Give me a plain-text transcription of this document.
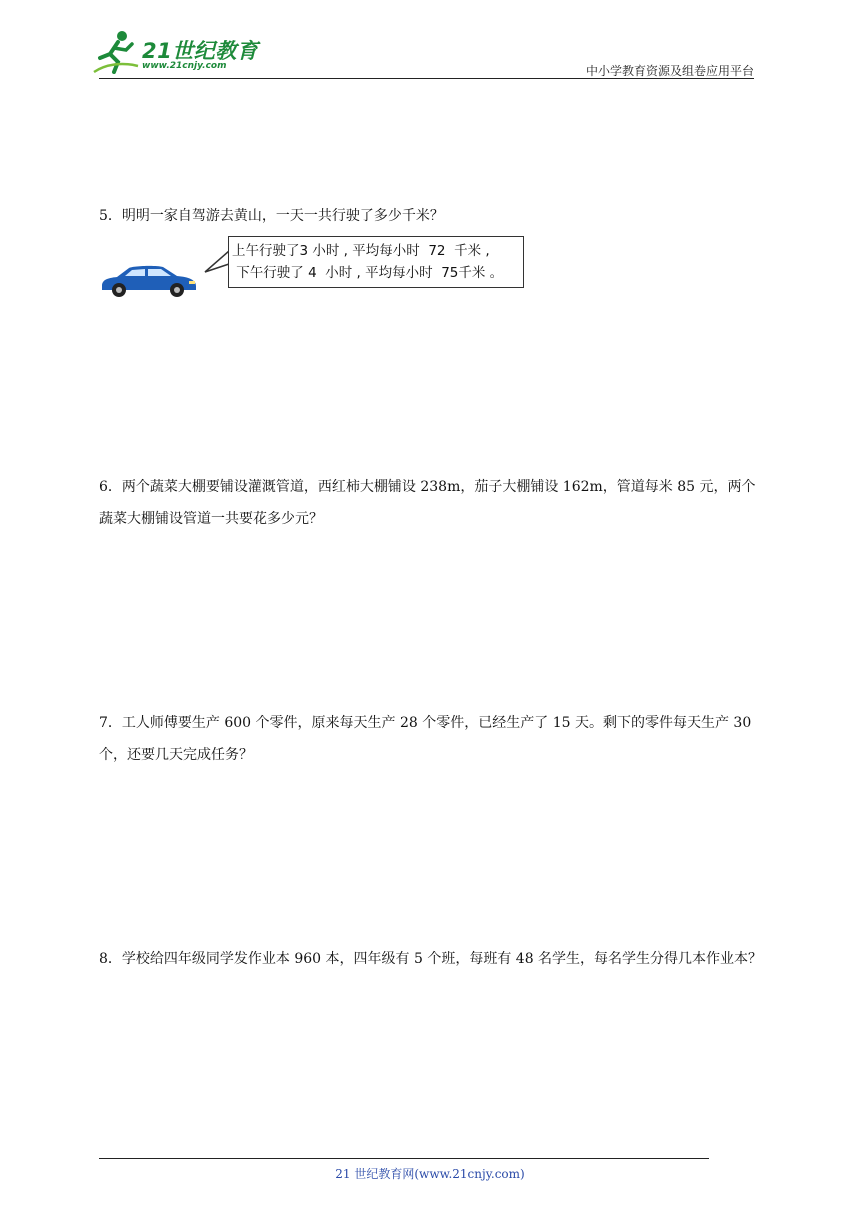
21世纪教育
www.21cnjy.com	中小学教育资源及组卷应用平台
5．明明一家自驾游去黄山，一天一共行驶了多少千米？
上午行驶了3 小时 , 平均每小时  72  千米 ,
下午行驶了 4  小时 , 平均每小时  75千米 。
6．两个蔬菜大棚要铺设灌溉管道，西红柿大棚铺设 238m，茄子大棚铺设 162m，管道每米 85 元，两个蔬菜大棚铺设管道一共要花多少元？
7．工人师傅要生产 600 个零件，原来每天生产 28 个零件，已经生产了 15 天。剩下的零件每天生产 30 个，还要几天完成任务？
8．学校给四年级同学发作业本 960 本，四年级有 5 个班，每班有 48 名学生，每名学生分得几本作业本？
21 世纪教育网(www.21cnjy.com)
